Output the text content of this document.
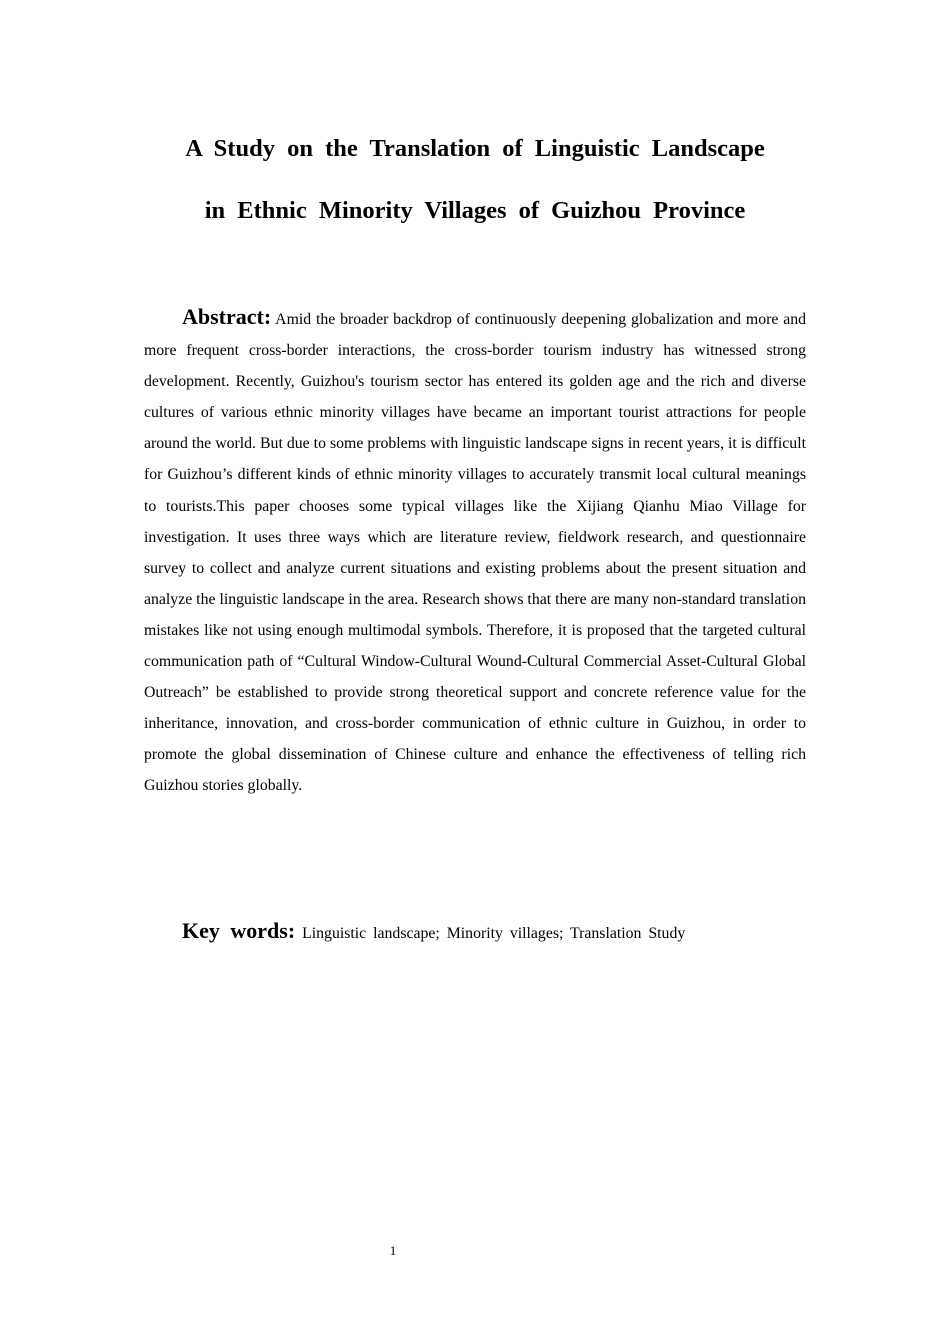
A Study on the Translation of Linguistic Landscape
in Ethnic Minority Villages of Guizhou Province

Abstract: Amid the broader backdrop of continuously deepening globalization and more and more frequent cross-border interactions, the cross-border tourism industry has witnessed strong development. Recently, Guizhou's tourism sector has entered its golden age and the rich and diverse cultures of various ethnic minority villages have became an important tourist attractions for people around the world. But due to some problems with linguistic landscape signs in recent years, it is difficult for Guizhou’s different kinds of ethnic minority villages to accurately transmit local cultural meanings to tourists.This paper chooses some typical villages like the Xijiang Qianhu Miao Village for investigation. It uses three ways which are literature review, fieldwork research, and questionnaire survey to collect and analyze current situations and existing problems about the present situation and analyze the linguistic landscape in the area. Research shows that there are many non-standard translation mistakes like not using enough multimodal symbols. Therefore, it is proposed that the targeted cultural communication path of “Cultural Window-Cultural Wound-Cultural Commercial Asset-Cultural Global Outreach” be established to provide strong theoretical support and concrete reference value for the inheritance, innovation, and cross-border communication of ethnic culture in Guizhou, in order to promote the global dissemination of Chinese culture and enhance the effectiveness of telling rich Guizhou stories globally.

Key words: Linguistic landscape; Minority villages; Translation Study

1
